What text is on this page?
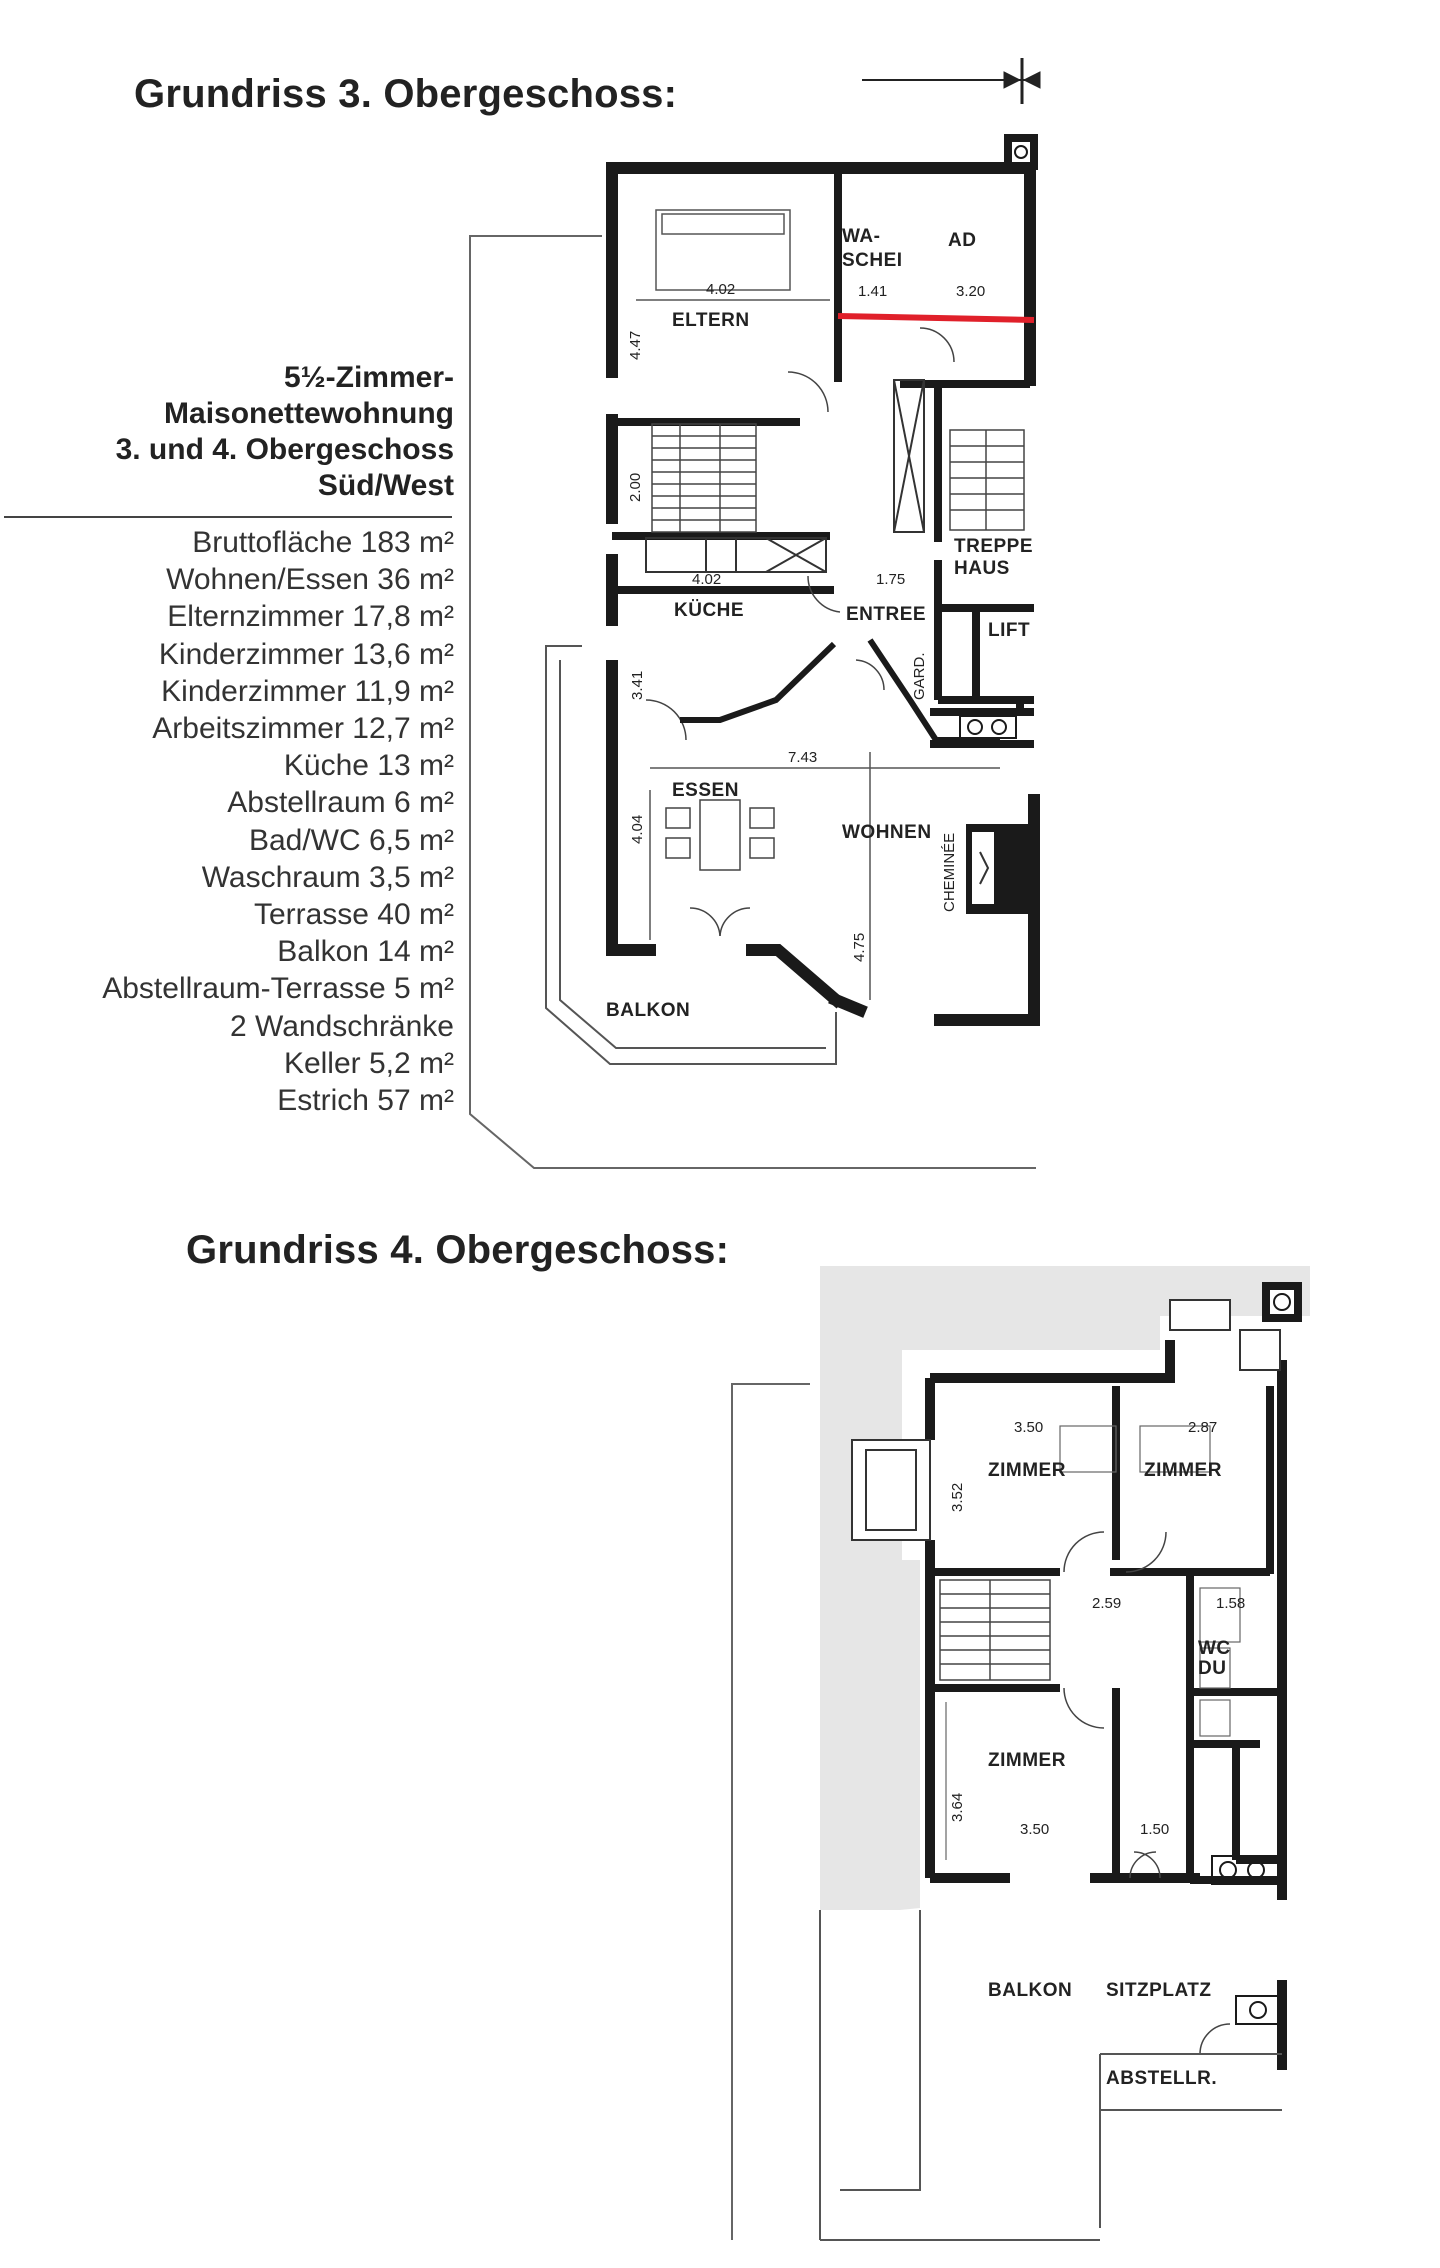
Grundriss 3. Obergeschoss:
Grundriss 4. Obergeschoss:
5½-Zimmer-
Maisonettewohnung
3. und 4. Obergeschoss
Süd/West
Bruttofläche 183 m²
Wohnen/Essen 36 m²
Elternzimmer 17,8 m²
Kinderzimmer 13,6 m²
Kinderzimmer 11,9 m²
Arbeitszimmer 12,7 m²
Küche 13 m²
Abstellraum 6 m²
Bad/WC 6,5 m²
Waschraum 3,5 m²
Terrasse 40 m²
Balkon 14 m²
Abstellraum-Terrasse 5 m²
2 Wandschränke
Keller 5,2 m²
Estrich 57 m²
ELTERN
WA-
SCHEI
AD
TREPPE
HAUS
KÜCHE	ENTREE
LIFT
GARD.
ESSEN
WOHNEN
CHEMINÉE
BALKON
4.02	1.41	3.20
4.47
2.00
4.02	1.75
3.41
7.43
4.04
4.75
ZIMMER	ZIMMER
ZIMMER
WC
DU
BALKON SITZPLATZ
ABSTELLR.
3.50	2.87
3.52
2.59	1.58
3.64
3.50	1.50
